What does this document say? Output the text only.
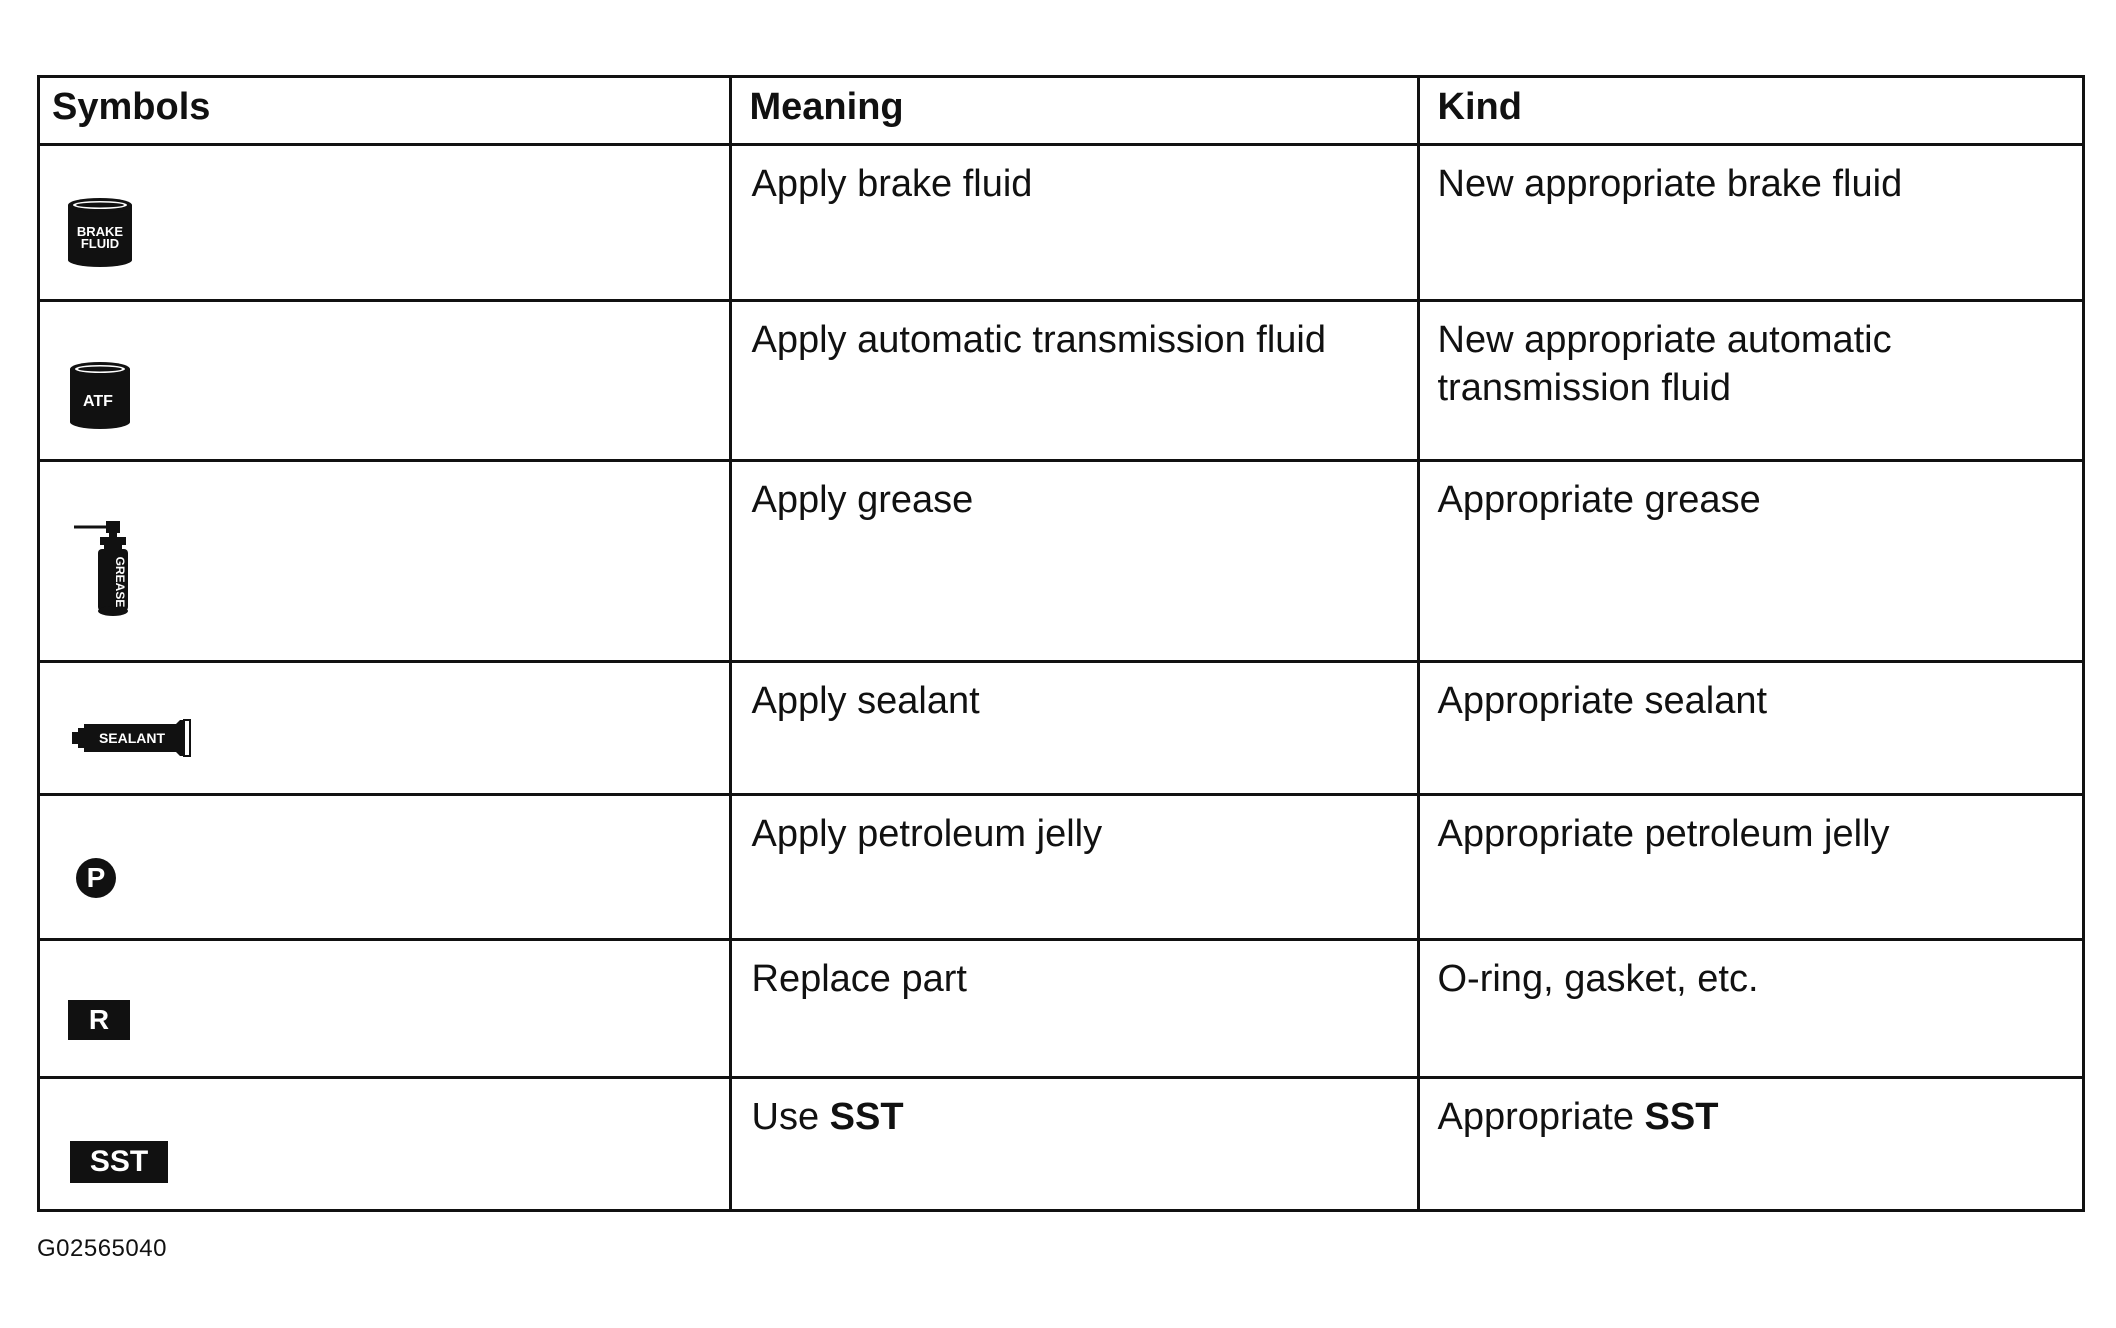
Symbols	Meaning	Kind

BRAKE
FLUID	Apply brake fluid	New appropriate brake fluid

ATF	Apply automatic transmission fluid	New appropriate automatic
transmission fluid

GREASE	Apply grease	Appropriate grease

SEALANT	Apply sealant	Appropriate sealant

P	Apply petroleum jelly	Appropriate petroleum jelly

R	Replace part	O-ring, gasket, etc.

SST	Use SST	Appropriate SST
G02565040
